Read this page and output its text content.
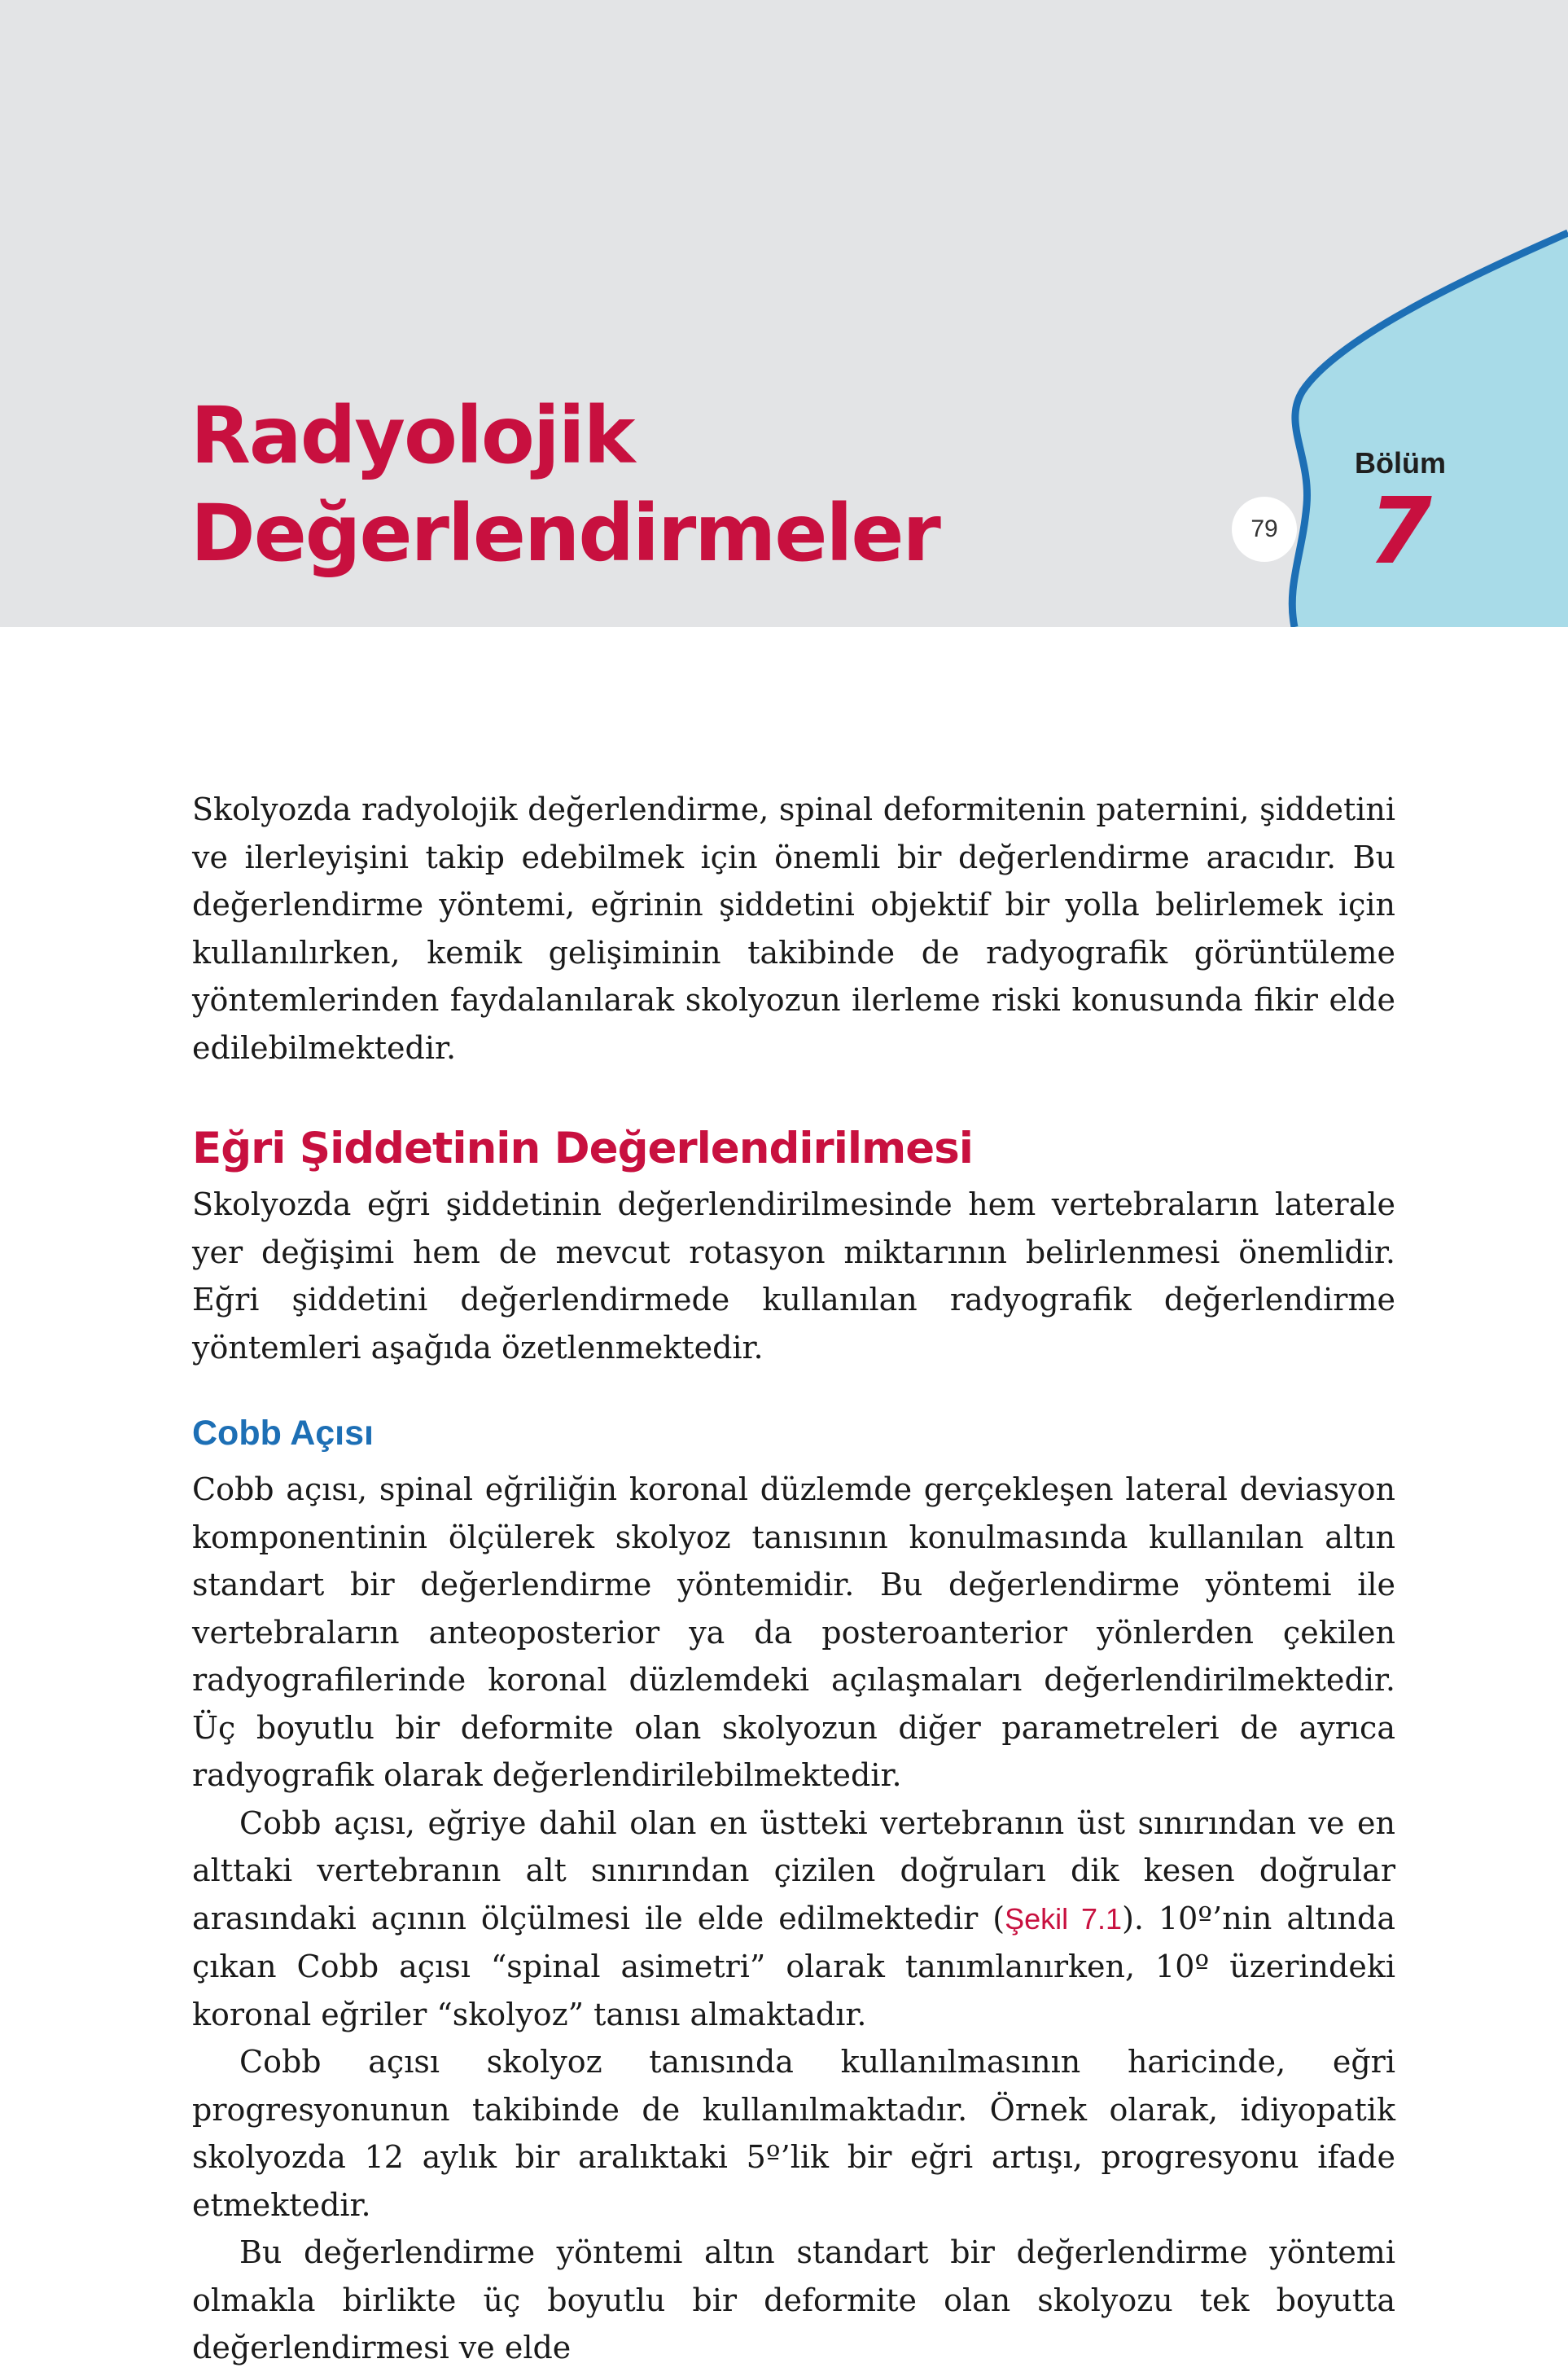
Radyolojik
Değerlendirmeler	79
Bölüm
7

Skolyozda radyolojik değerlendirme, spinal deformitenin paternini, şiddetini ve ilerleyişini takip edebilmek için önemli bir değerlendirme aracıdır. Bu değerlendirme yöntemi, eğrinin şiddetini objektif bir yolla belirlemek için kullanılırken, kemik gelişiminin takibinde de radyografik görüntüleme yöntemlerinden faydalanılarak skolyozun ilerleme riski konusunda fikir elde edilebilmektedir.

Eğri Şiddetinin Değerlendirilmesi

Skolyozda eğri şiddetinin değerlendirilmesinde hem vertebraların laterale yer değişimi hem de mevcut rotasyon miktarının belirlenmesi önemlidir. Eğri şiddetini değerlendirmede kullanılan radyografik değerlendirme yöntemleri aşağıda özetlenmektedir.

Cobb Açısı

Cobb açısı, spinal eğriliğin koronal düzlemde gerçekleşen lateral deviasyon komponentinin ölçülerek skolyoz tanısının konulmasında kullanılan altın standart bir değerlendirme yöntemidir. Bu değerlendirme yöntemi ile vertebraların anteoposterior ya da posteroanterior yönlerden çekilen radyografilerinde koronal düzlemdeki açılaşmaları değerlendirilmektedir. Üç boyutlu bir deformite olan skolyozun diğer parametreleri de ayrıca radyografik olarak değerlendirilebilmektedir.

Cobb açısı, eğriye dahil olan en üstteki vertebranın üst sınırından ve en alttaki vertebranın alt sınırından çizilen doğruları dik kesen doğrular arasındaki açının ölçülmesi ile elde edilmektedir (Şekil 7.1). 10º’nin altında çıkan Cobb açısı “spinal asimetri” olarak tanımlanırken, 10º üzerindeki koronal eğriler “skolyoz” tanısı almaktadır.

Cobb açısı skolyoz tanısında kullanılmasının haricinde, eğri progresyonunun takibinde de kullanılmaktadır. Örnek olarak, idiyopatik skolyozda 12 aylık bir aralıktaki 5º’lik bir eğri artışı, progresyonu ifade etmektedir.

Bu değerlendirme yöntemi altın standart bir değerlendirme yöntemi olmakla birlikte üç boyutlu bir deformite olan skolyozu tek boyutta değerlendirmesi ve elde
